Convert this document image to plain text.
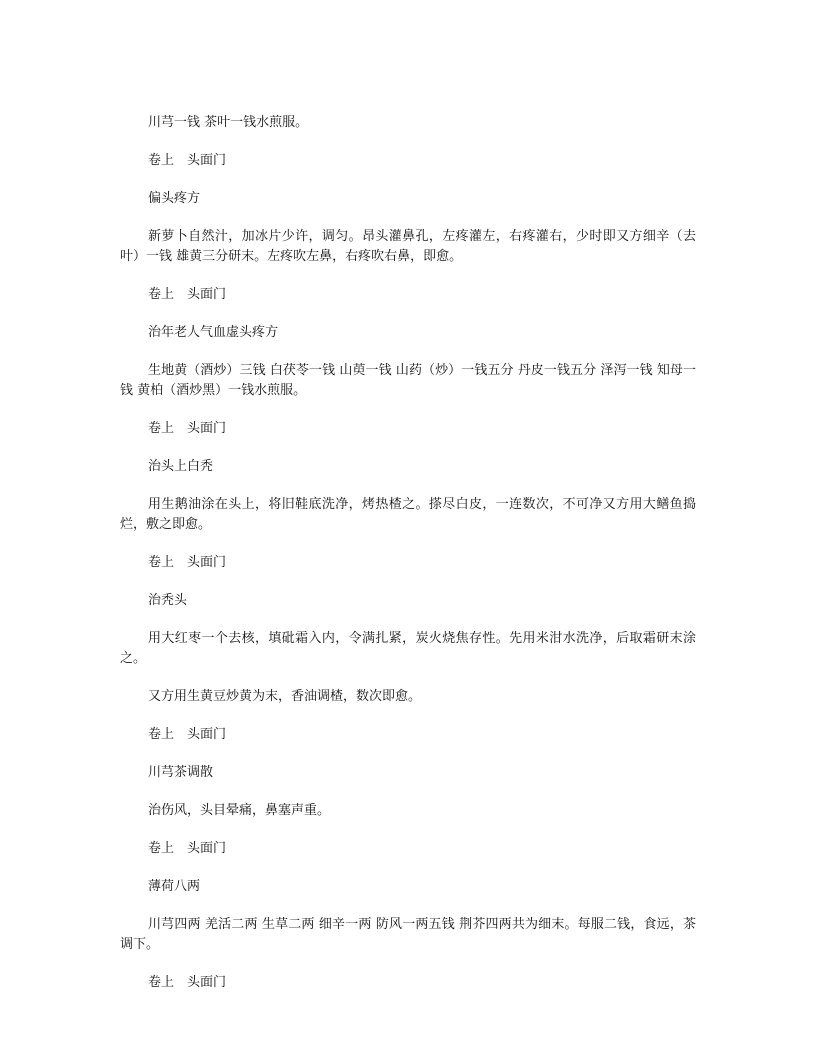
川芎一钱 茶叶一钱水煎服。

卷上　头面门

偏头疼方

新萝卜自然汁，加冰片少许，调匀。昂头灌鼻孔，左疼灌左，右疼灌右，少时即又方细辛（去叶）一钱 雄黄三分研末。左疼吹左鼻，右疼吹右鼻，即愈。

卷上　头面门

治年老人气血虚头疼方

生地黄（酒炒）三钱 白茯苓一钱 山萸一钱 山药（炒）一钱五分 丹皮一钱五分 泽泻一钱 知母一钱 黄柏（酒炒黑）一钱水煎服。

卷上　头面门

治头上白秃

用生鹅油涂在头上，将旧鞋底洗净，烤热楂之。搽尽白皮，一连数次，不可净又方用大鳝鱼捣烂，敷之即愈。

卷上　头面门

治秃头

用大红枣一个去核，填砒霜入内，令满扎紧，炭火烧焦存性。先用米泔水洗净，后取霜研末涂之。

又方用生黄豆炒黄为末，香油调楂，数次即愈。

卷上　头面门

川芎茶调散

治伤风，头目晕痛，鼻塞声重。

卷上　头面门

薄荷八两

川芎四两 羌活二两 生草二两 细辛一两 防风一两五钱 荆芥四两共为细末。每服二钱，食远，茶调下。

卷上　头面门
